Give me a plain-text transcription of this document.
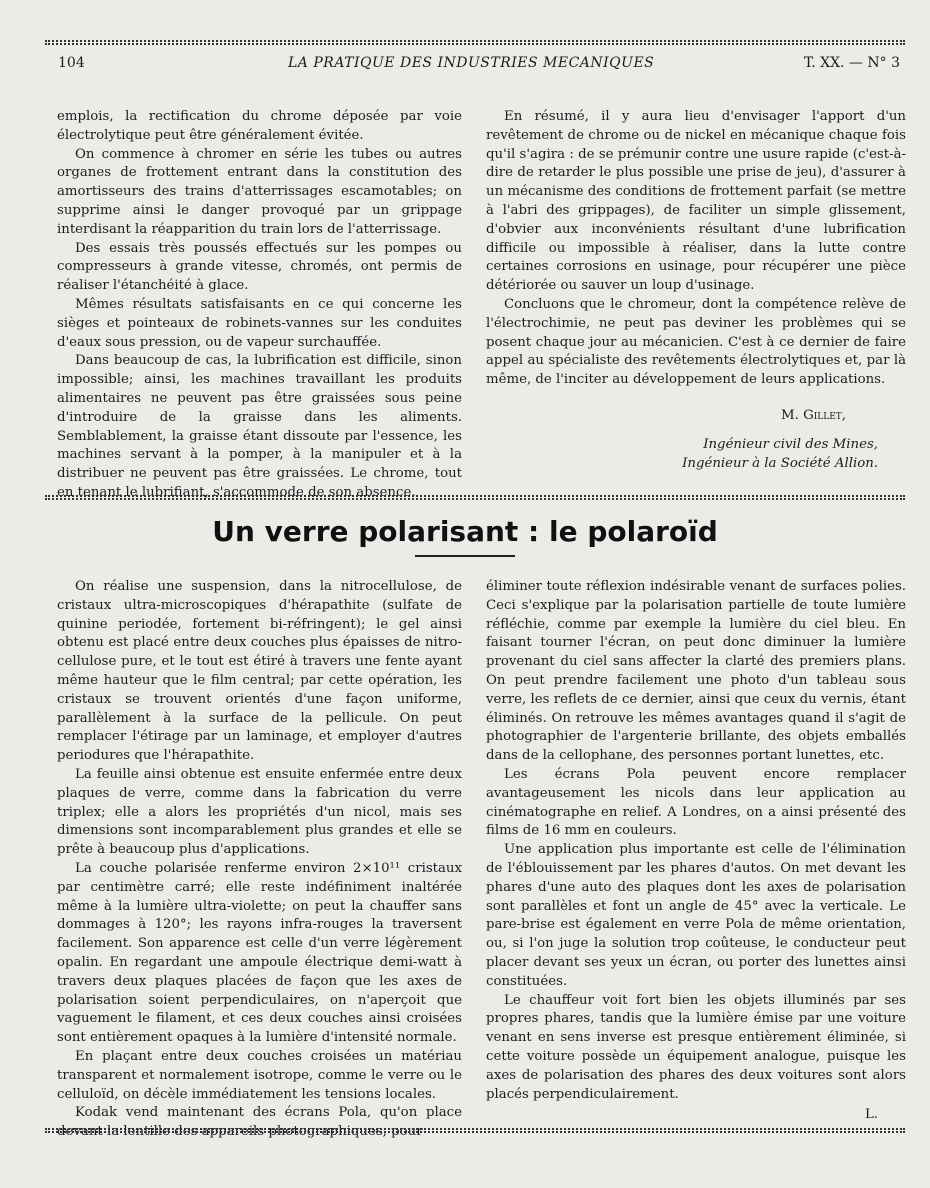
104	LA PRATIQUE DES INDUSTRIES MECANIQUES	T. XX. — N° 3

emplois, la rectification du chrome déposée par voie électrolytique peut être généralement évitée.

On commence à chromer en série les tubes ou autres organes de frottement entrant dans la constitution des amortisseurs des trains d'atterrissages escamotables; on supprime ainsi le danger provoqué par un grippage interdisant la réapparition du train lors de l'atterrissage.

Des essais très poussés effectués sur les pompes ou compresseurs à grande vitesse, chromés, ont permis de réaliser l'étanchéité à glace.

Mêmes résultats satisfaisants en ce qui concerne les sièges et pointeaux de robinets-vannes sur les conduites d'eaux sous pression, ou de vapeur surchauffée.

Dans beaucoup de cas, la lubrification est difficile, sinon impossible; ainsi, les machines travaillant les produits alimentaires ne peuvent pas être graissées sous peine d'introduire de la graisse dans les aliments. Semblablement, la graisse étant dissoute par l'essence, les machines servant à la pomper, à la manipuler et à la distribuer ne peuvent pas être graissées. Le chrome, tout en tenant le lubrifiant, s'accommode de son absence.

En résumé, il y aura lieu d'envisager l'apport d'un revêtement de chrome ou de nickel en mécanique chaque fois qu'il s'agira : de se prémunir contre une usure rapide (c'est-à-dire de retarder le plus possible une prise de jeu), d'assurer à un mécanisme des conditions de frottement parfait (se mettre à l'abri des grippages), de faciliter un simple glissement, d'obvier aux inconvénients résultant d'une lubrification difficile ou impossible à réaliser, dans la lutte contre certaines corrosions en usinage, pour récupérer une pièce détériorée ou sauver un loup d'usinage.

Concluons que le chromeur, dont la compétence relève de l'électrochimie, ne peut pas deviner les problèmes qui se posent chaque jour au mécanicien. C'est à ce dernier de faire appel au spécialiste des revêtements électrolytiques et, par là même, de l'inciter au développement de leurs applications.

M. Gillet,

Ingénieur civil des Mines,

Ingénieur à la Société Allion.

Un verre polarisant : le polaroïd

On réalise une suspension, dans la nitrocellulose, de cristaux ultra-microscopiques d'hérapathite (sulfate de quinine periodée, fortement bi-réfringent); le gel ainsi obtenu est placé entre deux couches plus épaisses de nitro-cellulose pure, et le tout est étiré à travers une fente ayant même hauteur que le film central; par cette opération, les cristaux se trouvent orientés d'une façon uniforme, parallèlement à la surface de la pellicule. On peut remplacer l'étirage par un laminage, et employer d'autres periodures que l'hérapathite.

La feuille ainsi obtenue est ensuite enfermée entre deux plaques de verre, comme dans la fabrication du verre triplex; elle a alors les propriétés d'un nicol, mais ses dimensions sont incomparablement plus grandes et elle se prête à beaucoup plus d'applications.

La couche polarisée renferme environ 2×10¹¹ cristaux par centimètre carré; elle reste indéfiniment inaltérée même à la lumière ultra-violette; on peut la chauffer sans dommages à 120°; les rayons infra-rouges la traversent facilement. Son apparence est celle d'un verre légèrement opalin. En regardant une ampoule électrique demi-watt à travers deux plaques placées de façon que les axes de polarisation soient perpendiculaires, on n'aperçoit que vaguement le filament, et ces deux couches ainsi croisées sont entièrement opaques à la lumière d'intensité normale.

En plaçant entre deux couches croisées un matériau transparent et normalement isotrope, comme le verre ou le celluloïd, on décèle immédiatement les tensions locales.

Kodak vend maintenant des écrans Pola, qu'on place devant la lentille des appareils photographiques, pour

éliminer toute réflexion indésirable venant de surfaces polies. Ceci s'explique par la polarisation partielle de toute lumière réfléchie, comme par exemple la lumière du ciel bleu. En faisant tourner l'écran, on peut donc diminuer la lumière provenant du ciel sans affecter la clarté des premiers plans. On peut prendre facilement une photo d'un tableau sous verre, les reflets de ce dernier, ainsi que ceux du vernis, étant éliminés. On retrouve les mêmes avantages quand il s'agit de photographier de l'argenterie brillante, des objets emballés dans de la cellophane, des personnes portant lunettes, etc.

Les écrans Pola peuvent encore remplacer avantageusement les nicols dans leur application au cinématographe en relief. A Londres, on a ainsi présenté des films de 16 mm en couleurs.

Une application plus importante est celle de l'élimination de l'éblouissement par les phares d'autos. On met devant les phares d'une auto des plaques dont les axes de polarisation sont parallèles et font un angle de 45° avec la verticale. Le pare-brise est également en verre Pola de même orientation, ou, si l'on juge la solution trop coûteuse, le conducteur peut placer devant ses yeux un écran, ou porter des lunettes ainsi constituées.

Le chauffeur voit fort bien les objets illuminés par ses propres phares, tandis que la lumière émise par une voiture venant en sens inverse est presque entièrement éliminée, si cette voiture possède un équipement analogue, puisque les axes de polarisation des phares des deux voitures sont alors placés perpendiculairement.

L.
